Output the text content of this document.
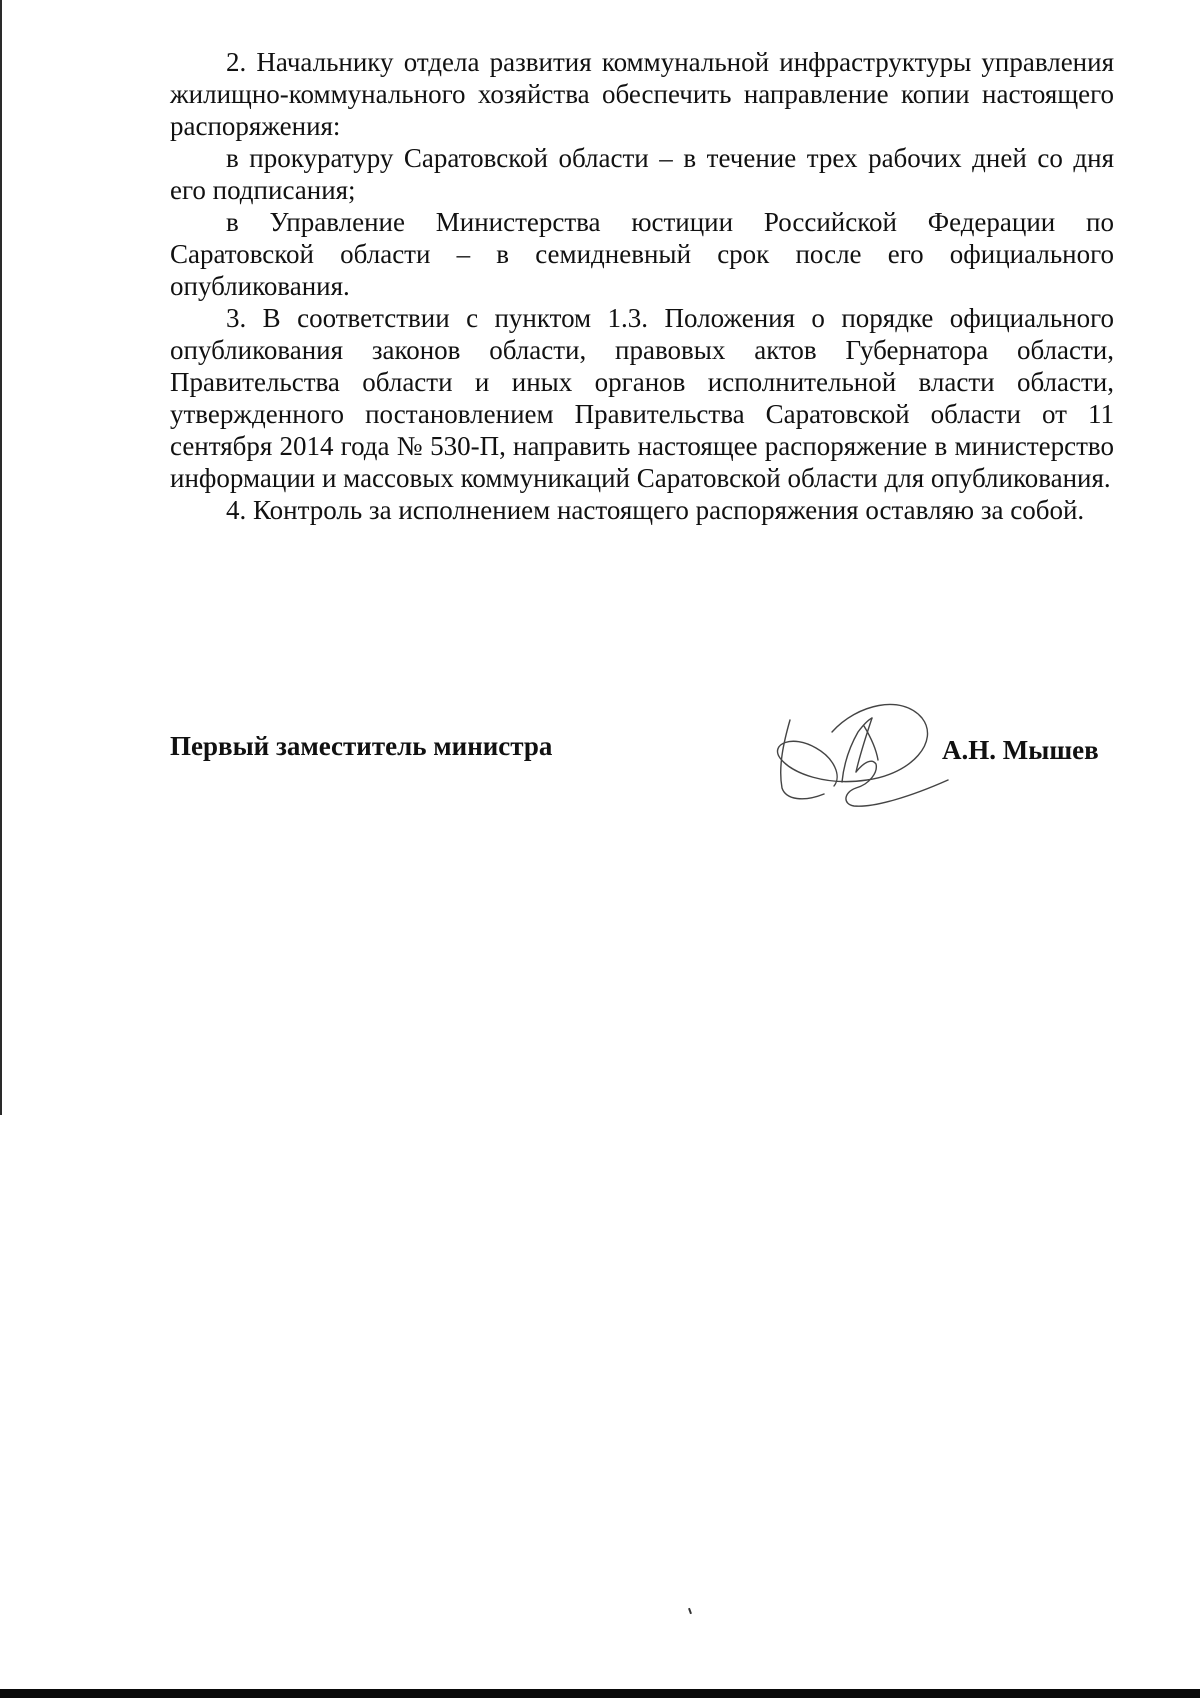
2. Начальнику отдела развития коммунальной инфраструктуры управления жилищно-коммунального хозяйства обеспечить направление копии настоящего распоряжения:

в прокуратуру Саратовской области – в течение трех рабочих дней со дня его подписания;

в Управление Министерства юстиции Российской Федерации по Саратовской области – в семидневный срок после его официального опубликования.

3. В соответствии с пунктом 1.3. Положения о порядке официального опубликования законов области, правовых актов Губернатора области, Правительства области и иных органов исполнительной власти области, утвержденного постановлением Правительства Саратовской области от 11 сентября 2014 года № 530-П, направить настоящее распоряжение в министерство информации и массовых коммуникаций Саратовской области для опубликования.

4. Контроль за исполнением настоящего распоряжения оставляю за собой.

Первый заместитель министра	А.Н. Мышев
